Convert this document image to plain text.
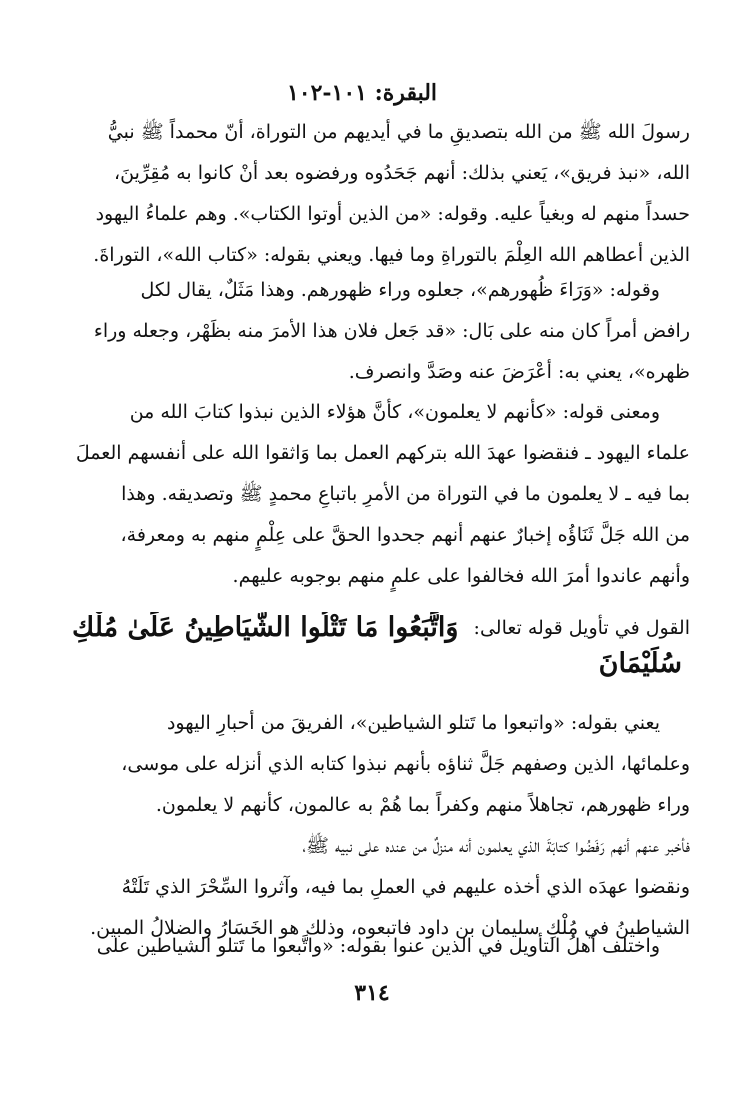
البقرة: ١٠١-١٠٢
رسولَ الله ﷺ من الله بتصديقِ ما في أيديهم من التوراة، أنّ محمداً ﷺ نبيُّ
الله، «نبذ فريق»، يَعني بذلك: أنهم جَحَدُوه ورفضوه بعد أنْ كانوا به مُقِرِّينَ،
حسداً منهم له وبغياً عليه. وقوله: «من الذين أوتوا الكتاب». وهم علماءُ اليهود
الذين أعطاهم الله العِلْمَ بالتوراةِ وما فيها. ويعني بقوله: «كتاب الله»، التوراةَ.
وقوله: «وَرَاءَ ظُهورهم»، جعلوه وراء ظهورهم. وهذا مَثَلٌ، يقال لكل
رافض أمراً كان منه على بَال: «قد جَعل فلان هذا الأمرَ منه بظَهْر، وجعله وراء
ظهره»، يعني به: أعْرَضَ عنه وصَدَّ وانصرف.
ومعنى قوله: «كأنهم لا يعلمون»، كأنَّ هؤلاء الذين نبذوا كتابَ الله من
علماء اليهود ـ فنقضوا عهدَ الله بتركهم العمل بما وَاثقوا الله على أنفسهم العملَ
بما فيه ـ لا يعلمون ما في التوراة من الأمرِ باتباعِ محمدٍ ﷺ وتصديقه. وهذا
من الله جَلَّ ثَنَاؤُه إخبارٌ عنهم أنهم جحدوا الحقَّ على عِلْمٍ منهم به ومعرفة،
وأنهم عاندوا أمرَ الله فخالفوا على علمٍ منهم بوجوبه عليهم.
القول في تأويل قوله تعالى: وَاتَّبَعُوا مَا تَتْلُوا الشَّيَاطِينُ عَلَىٰ مُلْكِ
سُلَيْمَانَ
يعني بقوله: «واتبعوا ما تَتلو الشياطين»، الفريقَ من أحبارِ اليهود
وعلمائها، الذين وصفهم جَلَّ ثناؤه بأنهم نبذوا كتابه الذي أنزله على موسى،
وراء ظهورهم، تجاهلاً منهم وكفراً بما هُمْ به عالمون، كأنهم لا يعلمون.
فأخبر عنهم أنهم رَفَضُوا كتابَةَ الذي يعلمون أنه منزلٌ من عنده على نبيه ﷺ،
ونقضوا عهدَه الذي أخذه عليهم في العملِ بما فيه، وآثروا السِّحْرَ الذي تَلَتْهُ
الشياطينُ في مُلْكِ سليمان بن داود فاتبعوه، وذلك هو الخَسَارُ والضلالُ المبين.
واختلف أهلُ التأويل في الذين عنوا بقوله: «واتَّبعوا ما تَتلو الشياطين على
٣١٤
